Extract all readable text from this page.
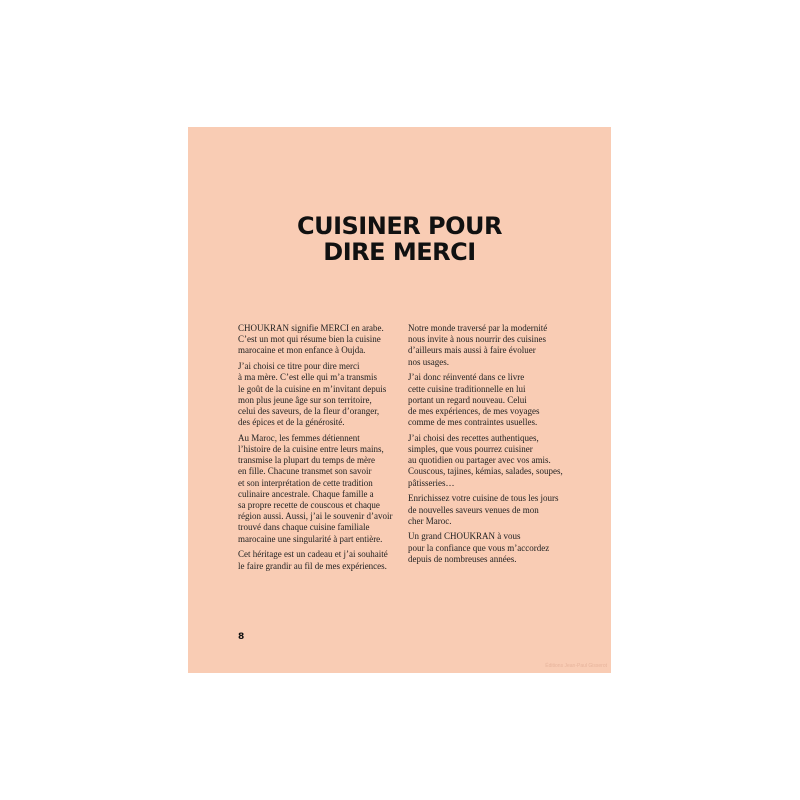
CUISINER POUR
DIRE MERCI

CHOUKRAN signifie MERCI en arabe.
C’est un mot qui résume bien la cuisine
marocaine et mon enfance à Oujda.

J’ai choisi ce titre pour dire merci
à ma mère. C’est elle qui m’a transmis
le goût de la cuisine en m’invitant depuis
mon plus jeune âge sur son territoire,
celui des saveurs, de la fleur d’oranger,
des épices et de la générosité.

Au Maroc, les femmes détiennent
l’histoire de la cuisine entre leurs mains,
transmise la plupart du temps de mère
en fille. Chacune transmet son savoir
et son interprétation de cette tradition
culinaire ancestrale. Chaque famille a
sa propre recette de couscous et chaque
région aussi. Aussi, j’ai le souvenir d’avoir
trouvé dans chaque cuisine familiale
marocaine une singularité à part entière.

Cet héritage est un cadeau et j’ai souhaité
le faire grandir au fil de mes expériences.

Notre monde traversé par la modernité
nous invite à nous nourrir des cuisines
d’ailleurs mais aussi à faire évoluer
nos usages.

J’ai donc réinventé dans ce livre
cette cuisine traditionnelle en lui
portant un regard nouveau. Celui
de mes expériences, de mes voyages
comme de mes contraintes usuelles.

J’ai choisi des recettes authentiques,
simples, que vous pourrez cuisiner
au quotidien ou partager avec vos amis.
Couscous, tajines, kémias, salades, soupes,
pâtisseries…

Enrichissez votre cuisine de tous les jours
de nouvelles saveurs venues de mon
cher Maroc.

Un grand CHOUKRAN à vous
pour la confiance que vous m’accordez
depuis de nombreuses années.

8
Éditions Jean-Paul Gisserot
